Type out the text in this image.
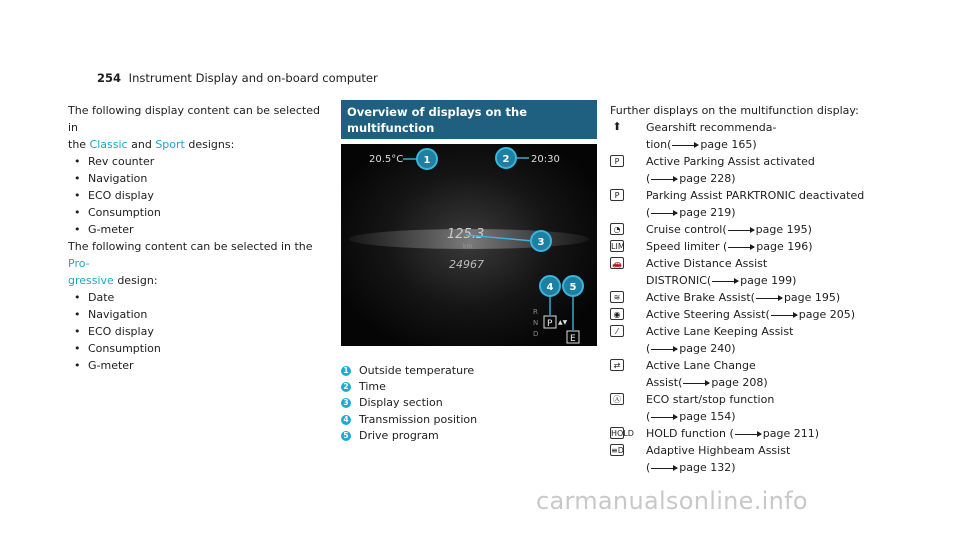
254 Instrument Display and on-board computer
The following display content can be selected in
the Classic and Sport designs:
• Rev counter
• Navigation
• ECO display
• Consumption
• G-meter
The following content can be selected in the Pro-
gressive design:
• Date
• Navigation
• ECO display
• Consumption
• G-meter
Overview of displays on the multifunction

20.5°C	20:30
125.3
km
24967
R
N
D
P ▲▼
E
1	2
3
4 5
1 Outside temperature
2 Time
3 Display section
4 Transmission position
5 Drive program
Further displays on the multifunction display:
⬆ Gearshift recommenda-
tion(	page 165)
P	Active Parking Assist activated
(	page 228)
P	Parking Assist PARKTRONIC deactivated
(	page 219)
◔	Cruise control(	page 195)
LIM Speed limiter (	page 196)
🚗 Active Distance Assist
DISTRONIC(	page 199)
≋	Active Brake Assist(	page 195)
◉	Active Steering Assist(	page 205)
⁄	Active Lane Keeping Assist
(	page 240)
⇄	Active Lane Change
Assist(	page 208)
Ⓐ ECO start/stop function
(	page 154)
HOLD HOLD function (	page 211)
≡D Adaptive Highbeam Assist
(	page 132)
carmanualsonline.info
